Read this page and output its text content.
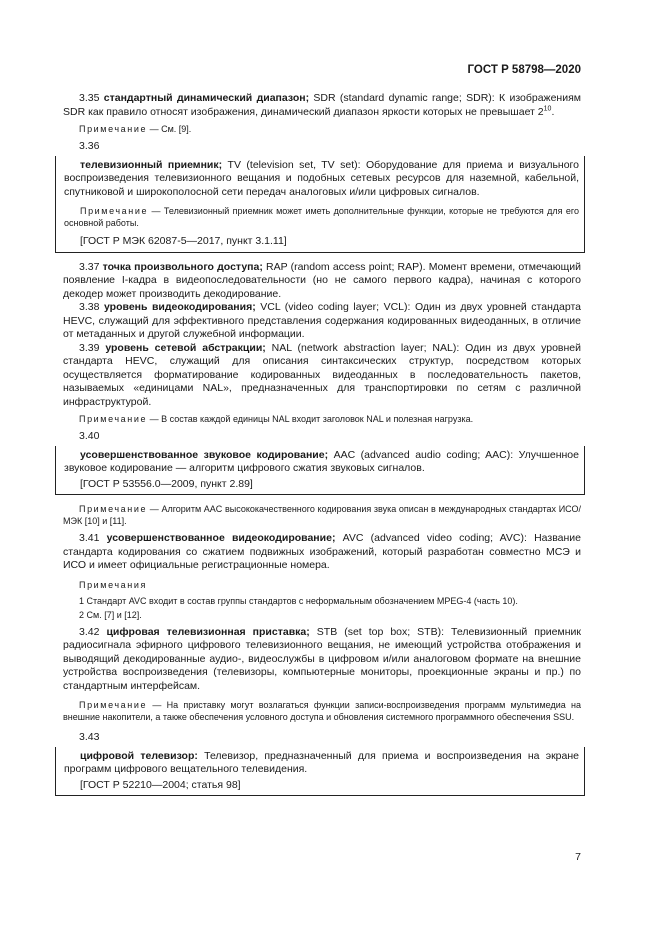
ГОСТ Р 58798—2020

3.35 стандартный динамический диапазон; SDR (standard dynamic range; SDR): К изображениям SDR как правило относят изображения, динамический диапазон яркости которых не превышает $2^{10}$.

Примечание — См. [9].

3.36

телевизионный приемник; TV (television set, TV set): Оборудование для приема и визуального воспроизведения телевизионного вещания и подобных сетевых ресурсов для наземной, кабельной, спутниковой и широкополосной сети передач аналоговых и/или цифровых сигналов.

Примечание — Телевизионный приемник может иметь дополнительные функции, которые не требуются для его основной работы.

[ГОСТ Р МЭК 62087-5—2017, пункт 3.1.11]

3.37 точка произвольного доступа; RAP (random access point; RAP). Момент времени, отмечающий появление I-кадра в видеопоследовательности (но не самого первого кадра), начиная с которого декодер может производить декодирование.

3.38 уровень видеокодирования; VCL (video coding layer; VCL): Один из двух уровней стандарта HEVC, служащий для эффективного представления содержания кодированных видеоданных, в отличие от метаданных и другой служебной информации.

3.39 уровень сетевой абстракции; NAL (network abstraction layer; NAL): Один из двух уровней стандарта HEVC, служащий для описания синтаксических структур, посредством которых осуществляется форматирование кодированных видеоданных в последовательность пакетов, называемых «единицами NAL», предназначенных для транспортировки по сетям с различной инфраструктурой.

Примечание — В состав каждой единицы NAL входит заголовок NAL и полезная нагрузка.

3.40

усовершенствованное звуковое кодирование; AAC (advanced audio coding; AAC): Улучшенное звуковое кодирование — алгоритм цифрового сжатия звуковых сигналов.

[ГОСТ Р 53556.0—2009, пункт 2.89]

Примечание — Алгоритм AAC высококачественного кодирования звука описан в международных стандартах ИСО/МЭК [10] и [11].

3.41 усовершенствованное видеокодирование; AVC (advanced video coding; AVC): Название стандарта кодирования со сжатием подвижных изображений, который разработан совместно МСЭ и ИСО и имеет официальные регистрационные номера.

Примечания

1 Стандарт AVC входит в состав группы стандартов с неформальным обозначением MPEG-4 (часть 10).

2 См. [7] и [12].

3.42 цифровая телевизионная приставка; STB (set top box; STB): Телевизионный приемник радиосигнала эфирного цифрового телевизионного вещания, не имеющий устройства отображения и выводящий декодированные аудио-, видеослужбы в цифровом и/или аналоговом формате на внешние устройства воспроизведения (телевизоры, компьютерные мониторы, проекционные экраны и пр.) по стандартным интерфейсам.

Примечание — На приставку могут возлагаться функции записи-воспроизведения программ мультимедиа на внешние накопители, а также обеспечения условного доступа и обновления системного программного обеспечения SSU.

3.43

цифровой телевизор: Телевизор, предназначенный для приема и воспроизведения на экране программ цифрового вещательного телевидения.

[ГОСТ Р 52210—2004; статья 98]

7
